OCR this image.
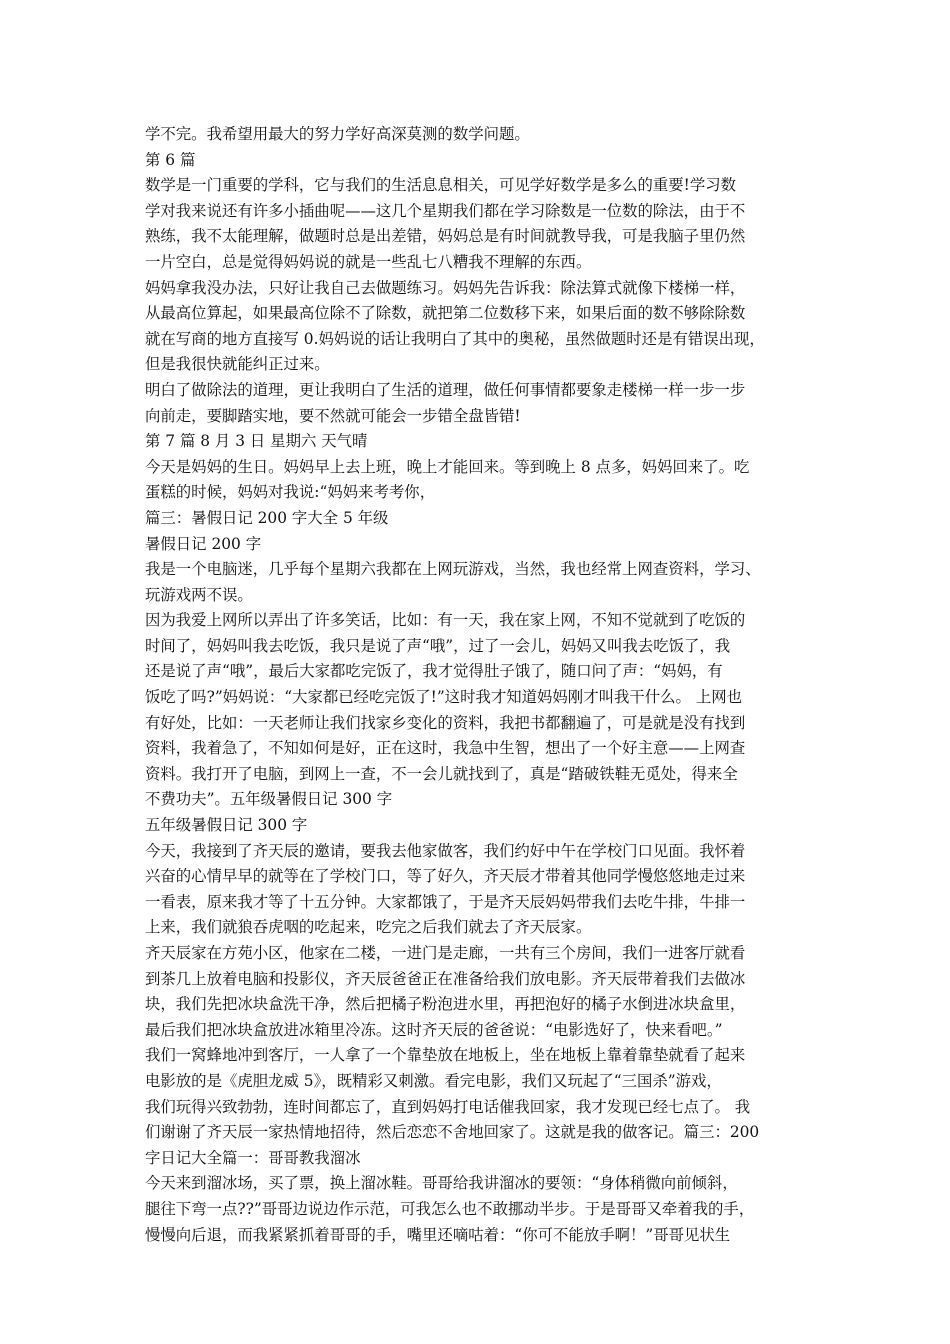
学不完。我希望用最大的努力学好高深莫测的数学问题。
第 6 篇
数学是一门重要的学科，它与我们的生活息息相关，可见学好数学是多么的重要!学习数
学对我来说还有许多小插曲呢——这几个星期我们都在学习除数是一位数的除法，由于不
熟练，我不太能理解，做题时总是出差错，妈妈总是有时间就教导我，可是我脑子里仍然
一片空白，总是觉得妈妈说的就是一些乱七八糟我不理解的东西。
妈妈拿我没办法，只好让我自己去做题练习。妈妈先告诉我：除法算式就像下楼梯一样，
从最高位算起，如果最高位除不了除数，就把第二位数移下来，如果后面的数不够除除数
就在写商的地方直接写 0.妈妈说的话让我明白了其中的奥秘，虽然做题时还是有错误出现，
但是我很快就能纠正过来。
明白了做除法的道理，更让我明白了生活的道理，做任何事情都要象走楼梯一样一步一步
向前走，要脚踏实地，要不然就可能会一步错全盘皆错!
第 7 篇 8 月 3 日 星期六 天气晴
今天是妈妈的生日。妈妈早上去上班，晚上才能回来。等到晚上 8 点多，妈妈回来了。吃
蛋糕的时候，妈妈对我说:“妈妈来考考你，
篇三：暑假日记 200 字大全 5 年级
暑假日记 200 字
我是一个电脑迷，几乎每个星期六我都在上网玩游戏，当然，我也经常上网查资料，学习、
玩游戏两不误。
因为我爱上网所以弄出了许多笑话，比如：有一天，我在家上网，不知不觉就到了吃饭的
时间了，妈妈叫我去吃饭，我只是说了声“哦”，过了一会儿，妈妈又叫我去吃饭了，我
还是说了声“哦”，最后大家都吃完饭了，我才觉得肚子饿了，随口问了声：“妈妈，有
饭吃了吗?”妈妈说：“大家都已经吃完饭了!”这时我才知道妈妈刚才叫我干什么。 上网也
有好处，比如：一天老师让我们找家乡变化的资料，我把书都翻遍了，可是就是没有找到
资料，我着急了，不知如何是好，正在这时，我急中生智，想出了一个好主意——上网查
资料。我打开了电脑，到网上一查，不一会儿就找到了，真是“踏破铁鞋无觅处，得来全
不费功夫”。五年级暑假日记 300 字
五年级暑假日记 300 字
今天，我接到了齐天辰的邀请，要我去他家做客，我们约好中午在学校门口见面。我怀着
兴奋的心情早早的就等在了学校门口，等了好久，齐天辰才带着其他同学慢悠悠地走过来
一看表，原来我才等了十五分钟。大家都饿了，于是齐天辰妈妈带我们去吃牛排，牛排一
上来，我们就狼吞虎咽的吃起来，吃完之后我们就去了齐天辰家。
齐天辰家在方苑小区，他家在二楼，一进门是走廊，一共有三个房间，我们一进客厅就看
到茶几上放着电脑和投影仪，齐天辰爸爸正在准备给我们放电影。齐天辰带着我们去做冰
块，我们先把冰块盒洗干净，然后把橘子粉泡进水里，再把泡好的橘子水倒进冰块盒里，
最后我们把冰块盒放进冰箱里冷冻。这时齐天辰的爸爸说：“电影选好了，快来看吧。”
我们一窝蜂地冲到客厅，一人拿了一个靠垫放在地板上，坐在地板上靠着靠垫就看了起来
电影放的是《虎胆龙威 5》，既精彩又刺激。看完电影，我们又玩起了“三国杀”游戏，
我们玩得兴致勃勃，连时间都忘了，直到妈妈打电话催我回家，我才发现已经七点了。 我
们谢谢了齐天辰一家热情地招待，然后恋恋不舍地回家了。这就是我的做客记。篇三：200
字日记大全篇一：哥哥教我溜冰
今天来到溜冰场，买了票，换上溜冰鞋。哥哥给我讲溜冰的要领：“身体稍微向前倾斜，
腿往下弯一点??”哥哥边说边作示范，可我怎么也不敢挪动半步。于是哥哥又牵着我的手，
慢慢向后退，而我紧紧抓着哥哥的手，嘴里还嘀咕着：“你可不能放手啊！”哥哥见状生
